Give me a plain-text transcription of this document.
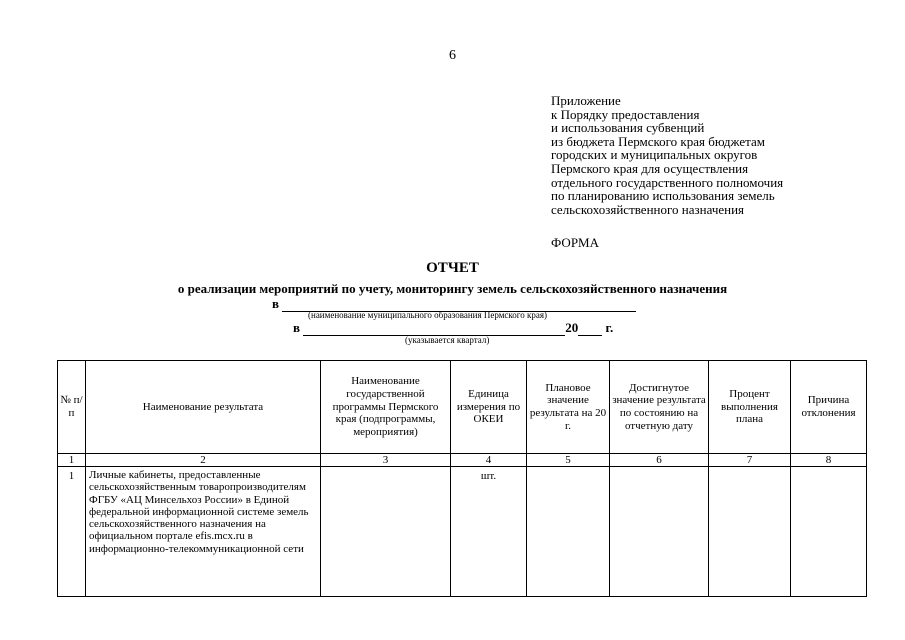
6
Приложение
к Порядку предоставления
и использования субвенций
из бюджета Пермского края бюджетам
городских и муниципальных округов
Пермского края для осуществления
отдельного государственного полномочия
по планированию использования земель
сельскохозяйственного назначения
ФОРМА
ОТЧЕТ
о реализации мероприятий по учету, мониторингу земель сельскохозяйственного назначения
в
(наименование муниципального образования Пермского края)
в	20 г.
(указывается квартал)
№ п/п	Наименование результата	Наименование государственной программы Пермского края (подпрограммы, мероприятия)	Единица измерения по ОКЕИ	Плановое значение результата на 20 г.	Достигнутое значение результата по состоянию на отчетную дату	Процент выполнения плана	Причина отклонения
1	2	3	4	5	6	7	8
1	Личные кабинеты, предоставленные сельскохозяйственным товаропроизводителям ФГБУ «АЦ Минсельхоз России» в Единой федеральной информационной системе земель сельскохозяйственного назначения на официальном портале efis.mcx.ru в информационно-телекоммуникационной сети		шт.				
